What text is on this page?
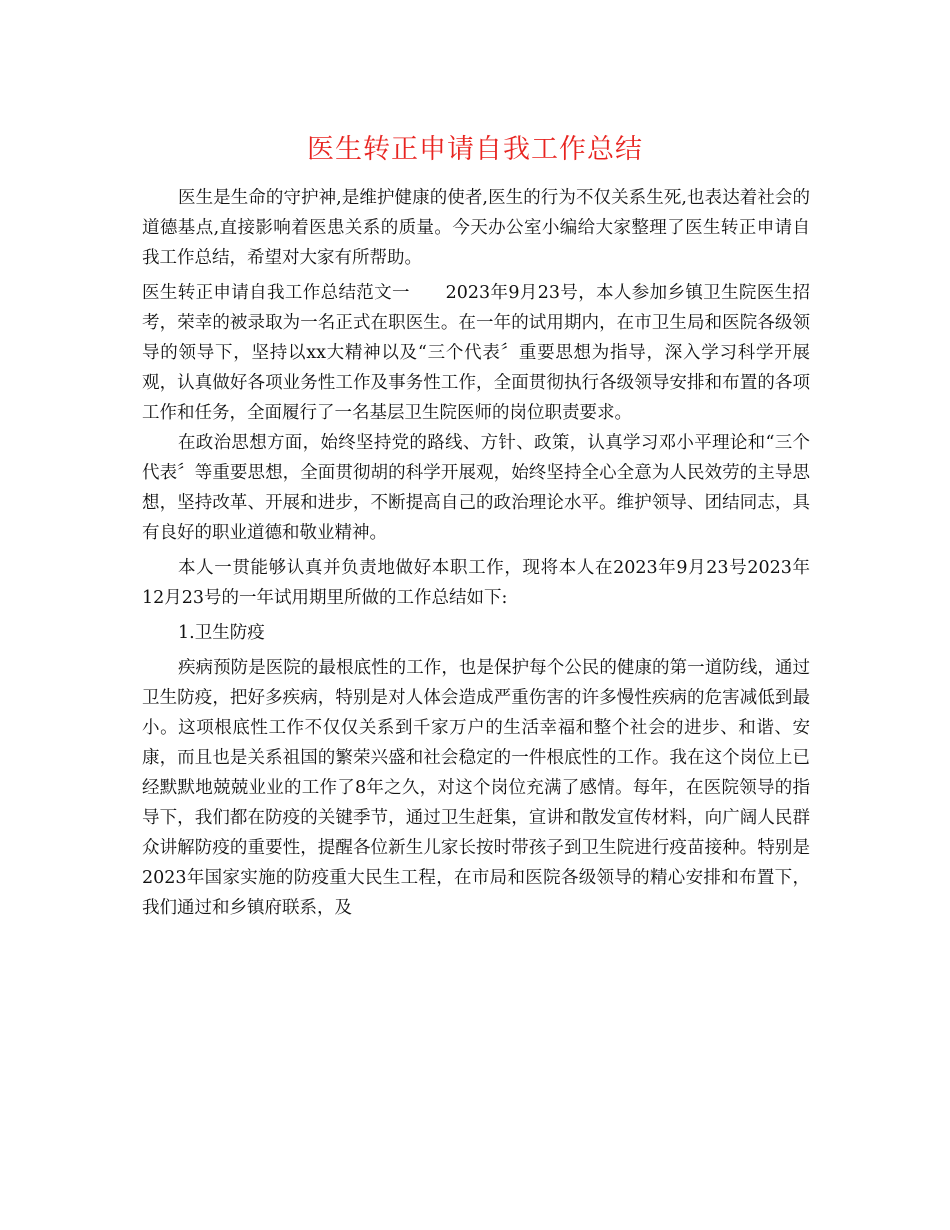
医生转正申请自我工作总结

医生是生命的守护神,是维护健康的使者,医生的行为不仅关系生死,也表达着社会的道德基点,直接影响着医患关系的质量。今天办公室小编给大家整理了医生转正申请自我工作总结，希望对大家有所帮助。

医生转正申请自我工作总结范文一　　2023年9月23号，本人参加乡镇卫生院医生招考，荣幸的被录取为一名正式在职医生。在一年的试用期内，在市卫生局和医院各级领导的领导下，坚持以xx大精神以及“三个代表〞重要思想为指导，深入学习科学开展观，认真做好各项业务性工作及事务性工作，全面贯彻执行各级领导安排和布置的各项工作和任务，全面履行了一名基层卫生院医师的岗位职责要求。

在政治思想方面，始终坚持党的路线、方针、政策，认真学习邓小平理论和“三个代表〞等重要思想，全面贯彻胡的科学开展观，始终坚持全心全意为人民效劳的主导思想，坚持改革、开展和进步，不断提高自己的政治理论水平。维护领导、团结同志，具有良好的职业道德和敬业精神。

本人一贯能够认真并负责地做好本职工作，现将本人在2023年9月23号2023年12月23号的一年试用期里所做的工作总结如下:

1.卫生防疫

疾病预防是医院的最根底性的工作，也是保护每个公民的健康的第一道防线，通过卫生防疫，把好多疾病，特别是对人体会造成严重伤害的许多慢性疾病的危害减低到最小。这项根底性工作不仅仅关系到千家万户的生活幸福和整个社会的进步、和谐、安康，而且也是关系祖国的繁荣兴盛和社会稳定的一件根底性的工作。我在这个岗位上已经默默地兢兢业业的工作了8年之久，对这个岗位充满了感情。每年，在医院领导的指导下，我们都在防疫的关键季节，通过卫生赶集，宣讲和散发宣传材料，向广阔人民群众讲解防疫的重要性，提醒各位新生儿家长按时带孩子到卫生院进行疫苗接种。特别是2023年国家实施的防疫重大民生工程，在市局和医院各级领导的精心安排和布置下，我们通过和乡镇府联系，及
